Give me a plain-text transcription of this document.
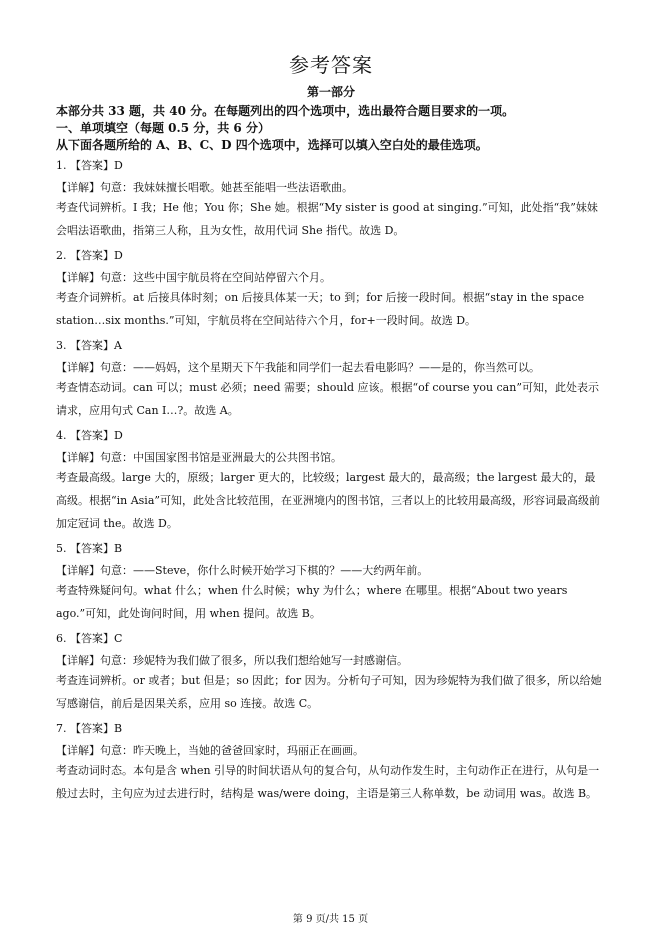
参考答案
第一部分
本部分共 33 题，共 40 分。在每题列出的四个选项中，选出最符合题目要求的一项。
一、单项填空（每题 0.5 分，共 6 分）
从下面各题所给的 A、B、C、D 四个选项中，选择可以填入空白处的最佳选项。
1. 【答案】D
【详解】句意：我妹妹擅长唱歌。她甚至能唱一些法语歌曲。
考查代词辨析。I 我；He 他；You 你；She 她。根据“My sister is good at singing.”可知，此处指“我”妹妹会唱法语歌曲，指第三人称，且为女性，故用代词 She 指代。故选 D。
2. 【答案】D
【详解】句意：这些中国宇航员将在空间站停留六个月。
考查介词辨析。at 后接具体时刻；on 后接具体某一天；to 到；for 后接一段时间。根据“stay in the space station…six months.”可知，宇航员将在空间站待六个月，for+一段时间。故选 D。
3. 【答案】A
【详解】句意：——妈妈，这个星期天下午我能和同学们一起去看电影吗？——是的，你当然可以。
考查情态动词。can 可以；must 必须；need 需要；should 应该。根据“of course you can”可知，此处表示请求，应用句式 Can I…?。故选 A。
4. 【答案】D
【详解】句意：中国国家图书馆是亚洲最大的公共图书馆。
考查最高级。large 大的，原级；larger 更大的，比较级；largest 最大的，最高级；the largest 最大的，最高级。根据“in Asia”可知，此处含比较范围，在亚洲境内的图书馆，三者以上的比较用最高级，形容词最高级前加定冠词 the。故选 D。
5. 【答案】B
【详解】句意：——Steve，你什么时候开始学习下棋的？——大约两年前。
考查特殊疑问句。what 什么；when 什么时候；why 为什么；where 在哪里。根据“About two years ago.”可知，此处询问时间，用 when 提问。故选 B。
6. 【答案】C
【详解】句意：珍妮特为我们做了很多，所以我们想给她写一封感谢信。
考查连词辨析。or 或者；but 但是；so 因此；for 因为。分析句子可知，因为珍妮特为我们做了很多，所以给她写感谢信，前后是因果关系，应用 so 连接。故选 C。
7. 【答案】B
【详解】句意：昨天晚上，当她的爸爸回家时，玛丽正在画画。
考查动词时态。本句是含 when 引导的时间状语从句的复合句，从句动作发生时，主句动作正在进行，从句是一般过去时，主句应为过去进行时，结构是 was/were doing，主语是第三人称单数，be 动词用 was。故选 B。
第 9 页/共 15 页
